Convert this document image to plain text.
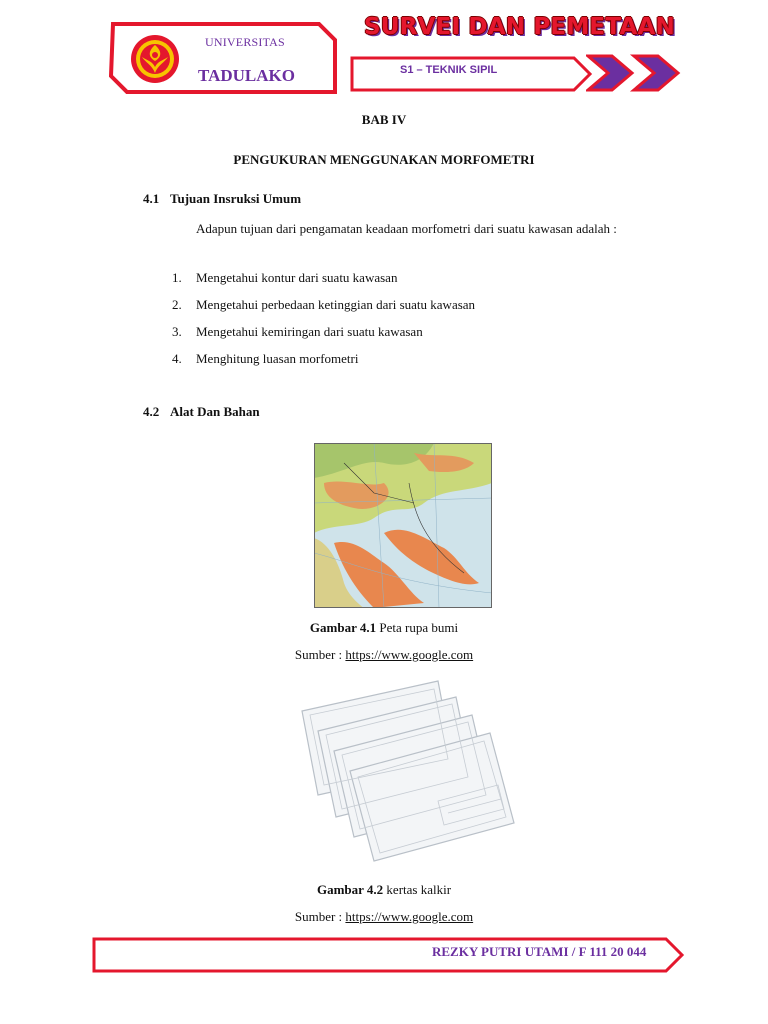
UNIVERSITAS
TADULAKO
SURVEI DAN PEMETAAN
S1 – TEKNIK SIPIL
BAB IV
PENGUKURAN MENGGUNAKAN MORFOMETRI
4.1 Tujuan Insruksi Umum
Adapun tujuan dari pengamatan keadaan morfometri dari suatu kawasan adalah :
1. Mengetahui kontur dari suatu kawasan
2. Mengetahui perbedaan ketinggian dari suatu kawasan
3. Mengetahui kemiringan dari suatu kawasan
4. Menghitung luasan morfometri
4.2 Alat Dan Bahan
Gambar 4.1 Peta rupa bumi
Sumber : https://www.google.com
Gambar 4.2 kertas kalkir
Sumber : https://www.google.com
REZKY PUTRI UTAMI / F 111 20 044
